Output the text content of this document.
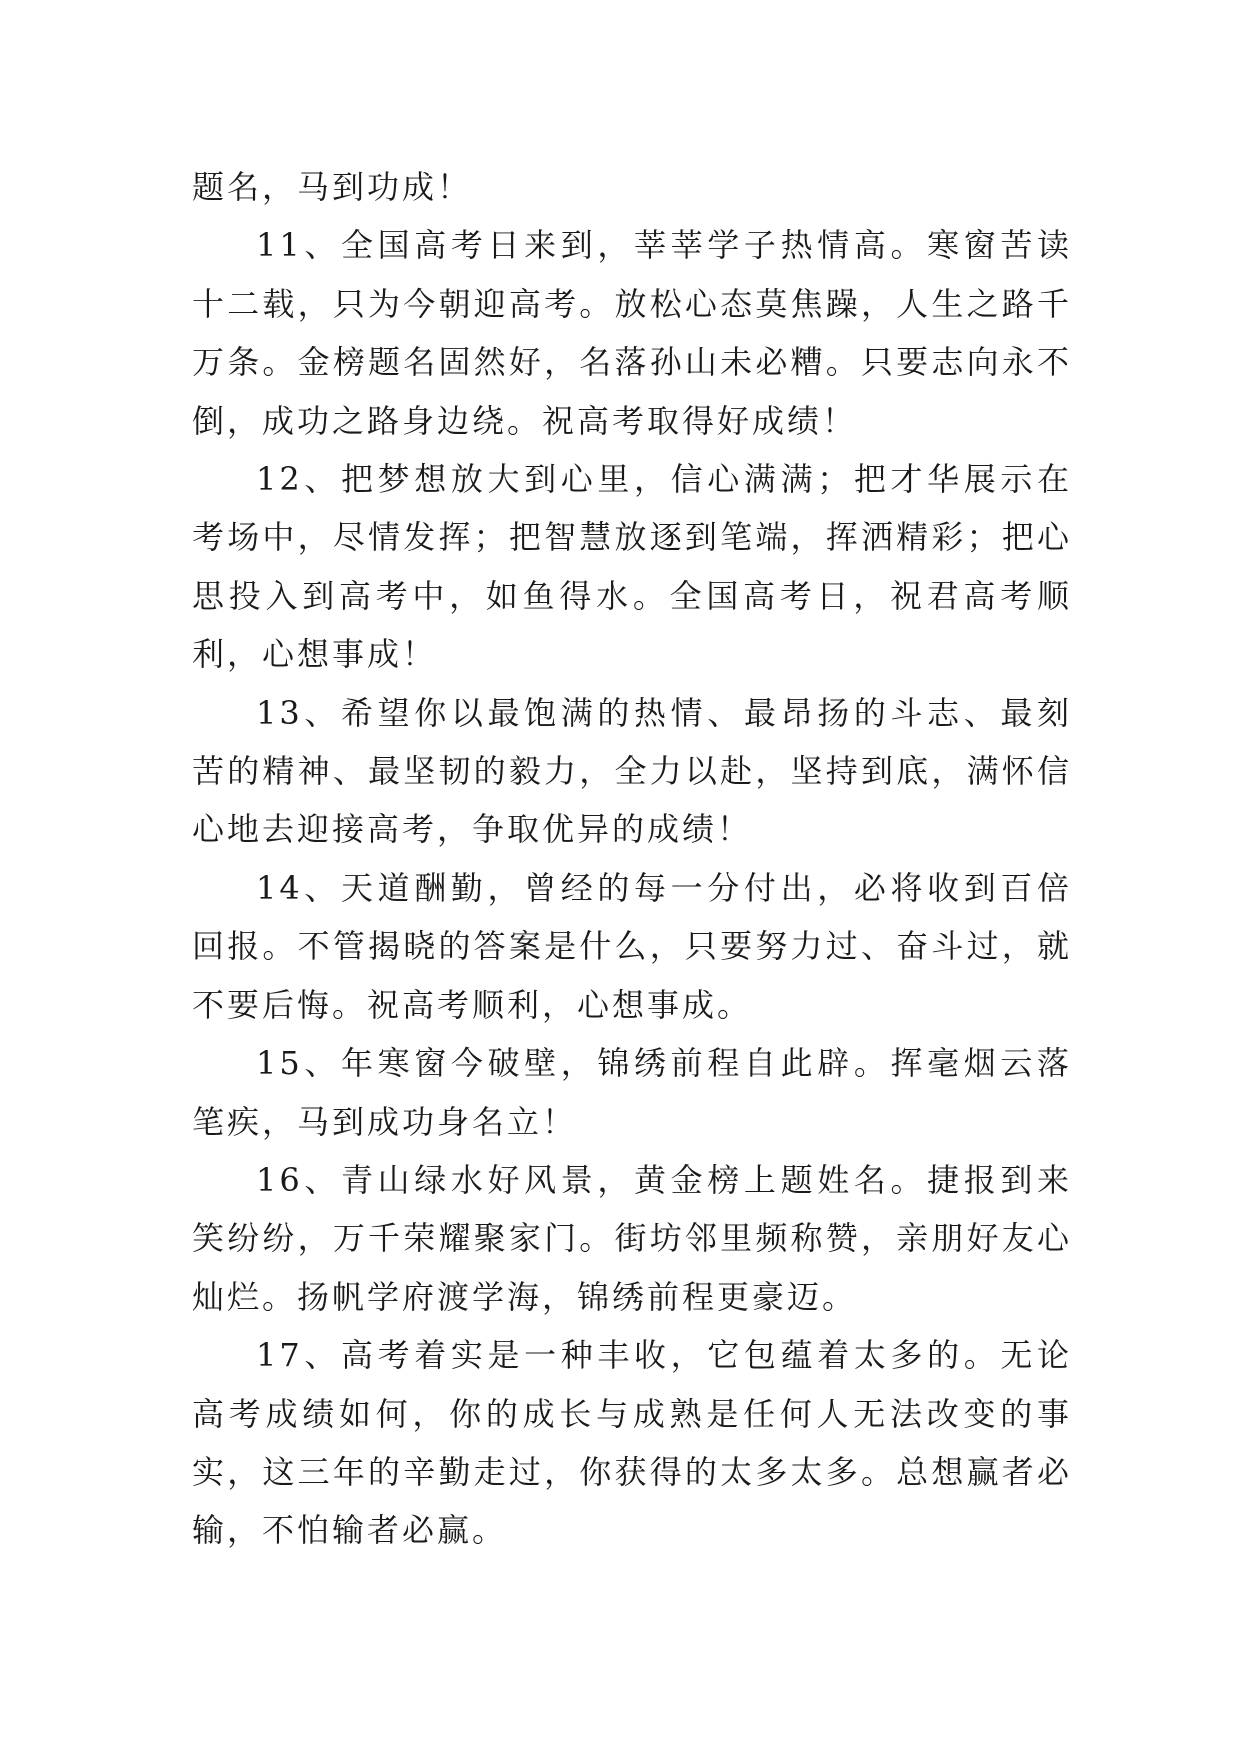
题名，马到功成！

11、全国高考日来到，莘莘学子热情高。寒窗苦读十二载，只为今朝迎高考。放松心态莫焦躁，人生之路千万条。金榜题名固然好，名落孙山未必糟。只要志向永不倒，成功之路身边绕。祝高考取得好成绩！

12、把梦想放大到心里，信心满满；把才华展示在考场中，尽情发挥；把智慧放逐到笔端，挥洒精彩；把心思投入到高考中，如鱼得水。全国高考日，祝君高考顺利，心想事成！

13、希望你以最饱满的热情、最昂扬的斗志、最刻苦的精神、最坚韧的毅力，全力以赴，坚持到底，满怀信心地去迎接高考，争取优异的成绩！

14、天道酬勤，曾经的每一分付出，必将收到百倍回报。不管揭晓的答案是什么，只要努力过、奋斗过，就不要后悔。祝高考顺利，心想事成。

15、年寒窗今破壁，锦绣前程自此辟。挥毫烟云落笔疾，马到成功身名立！

16、青山绿水好风景，黄金榜上题姓名。捷报到来笑纷纷，万千荣耀聚家门。街坊邻里频称赞，亲朋好友心灿烂。扬帆学府渡学海，锦绣前程更豪迈。

17、高考着实是一种丰收，它包蕴着太多的。无论高考成绩如何，你的成长与成熟是任何人无法改变的事实，这三年的辛勤走过，你获得的太多太多。总想赢者必输，不怕输者必赢。
